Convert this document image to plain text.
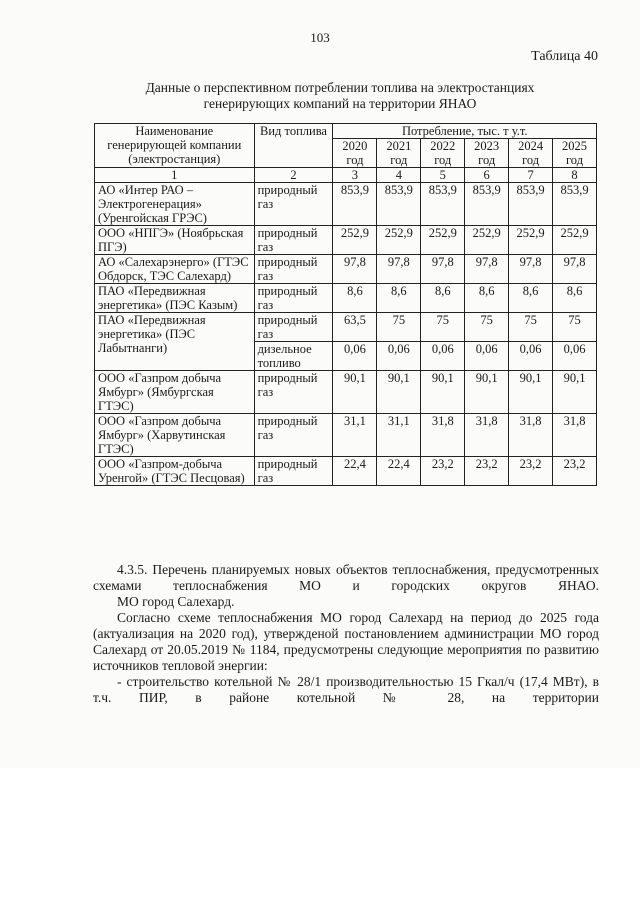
103
Таблица 40
Данные о перспективном потреблении топлива на электростанциях
генерирующих компаний на территории ЯНАО
Наименование генерирующей компании (электростанция)	Вид топлива	Потребление, тыс. т у.т.					
		2020 год	2021 год	2022 год	2023 год	2024 год	2025 год
1	2	3	4	5	6	7	8
АО «Интер РАО – Электрогенерация» (Уренгойская ГРЭС)	природный газ	853,9	853,9	853,9	853,9	853,9	853,9
ООО «НПГЭ» (Ноябрьская ПГЭ)	природный газ	252,9	252,9	252,9	252,9	252,9	252,9
АО «Салехарэнерго» (ГТЭС Обдорск, ТЭС Салехард)	природный газ	97,8	97,8	97,8	97,8	97,8	97,8
ПАО «Передвижная энергетика» (ПЭС Казым)	природный газ	8,6	8,6	8,6	8,6	8,6	8,6
ПАО «Передвижная энергетика» (ПЭС Лабытнанги)	природный газ	63,5	75	75	75	75	75
	дизельное топливо	0,06	0,06	0,06	0,06	0,06	0,06
ООО «Газпром добыча Ямбург» (Ямбургская ГТЭС)	природный газ	90,1	90,1	90,1	90,1	90,1	90,1
ООО «Газпром добыча Ямбург» (Харвутинская ГТЭС)	природный газ	31,1	31,1	31,8	31,8	31,8	31,8
ООО «Газпром-добыча Уренгой» (ГТЭС Песцовая)	природный газ	22,4	22,4	23,2	23,2	23,2	23,2

4.3.5. Перечень планируемых новых объектов теплоснабжения, предусмотренных схемами теплоснабжения МО и городских округов ЯНАО.

МО город Салехард.

Согласно схеме теплоснабжения МО город Салехард на период до 2025 года (актуализация на 2020 год), утвержденой постановлением администрации МО город Салехард от 20.05.2019 № 1184, предусмотрены следующие мероприятия по развитию источников тепловой энергии:

- строительство котельной № 28/1 производительностью 15 Гкал/ч (17,4 МВт), в т.ч. ПИР, в районе котельной № 28, на территории
